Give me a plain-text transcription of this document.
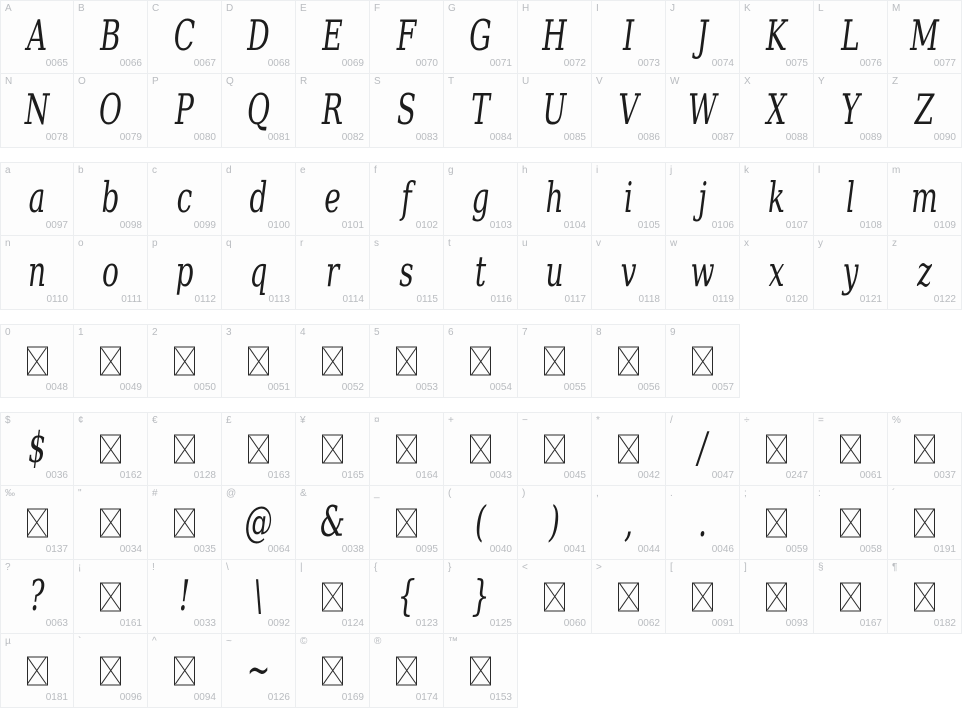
A
A
0065
B
B
0066
C
C
0067
D
D
0068
E
E
0069
F
F
0070
G
G
0071
H
H
0072
I
I
0073
J
J
0074
K
K
0075
L
L
0076
M
M
0077
N
N
0078
O
O
0079
P
P
0080
Q
Q
0081
R
R
0082
S
S
0083
T
T
0084
U
U
0085
V
V
0086
W
W
0087
X
X
0088
Y
Y
0089
Z
Z
0090
a
a
0097
b
b
0098
c
c
0099
d
d
0100
e
e
0101
f
f
0102
g
g
0103
h
h
0104
i
i
0105
j
j
0106
k
k
0107
l
l
0108
m
m
0109
n
n
0110
o
o
0111
p
p
0112
q
q
0113
r
r
0114
s
s
0115
t
t
0116
u
u
0117
v
v
0118
w
w
0119
x
x
0120
y
y
0121
z
z
0122
0
0048
1
0049
2
0050
3
0051
4
0052
5
0053
6
0054
7
0055
8
0056
9
0057
$
$
0036
¢
0162
€
0128
£
0163
¥
0165
¤
0164
+
0043
−
0045
*
0042
/
/
0047
÷
0247
=
0061
%
0037
‰
0137
"
0034
#
0035
@
@
0064
&
&
0038
_
0095
(
(
0040
)
)
0041
,
,
0044
.
.
0046
;
0059
:
0058
´
0191
?
?
0063
¡
0161
!
!
0033
\
\
0092
|
0124
{
{
0123
}
}
0125
<
0060
>
0062
[
0091
]
0093
§
0167
¶
0182
µ
0181
`
0096
^
0094
~
~
0126
©
0169
®
0174
™
0153
